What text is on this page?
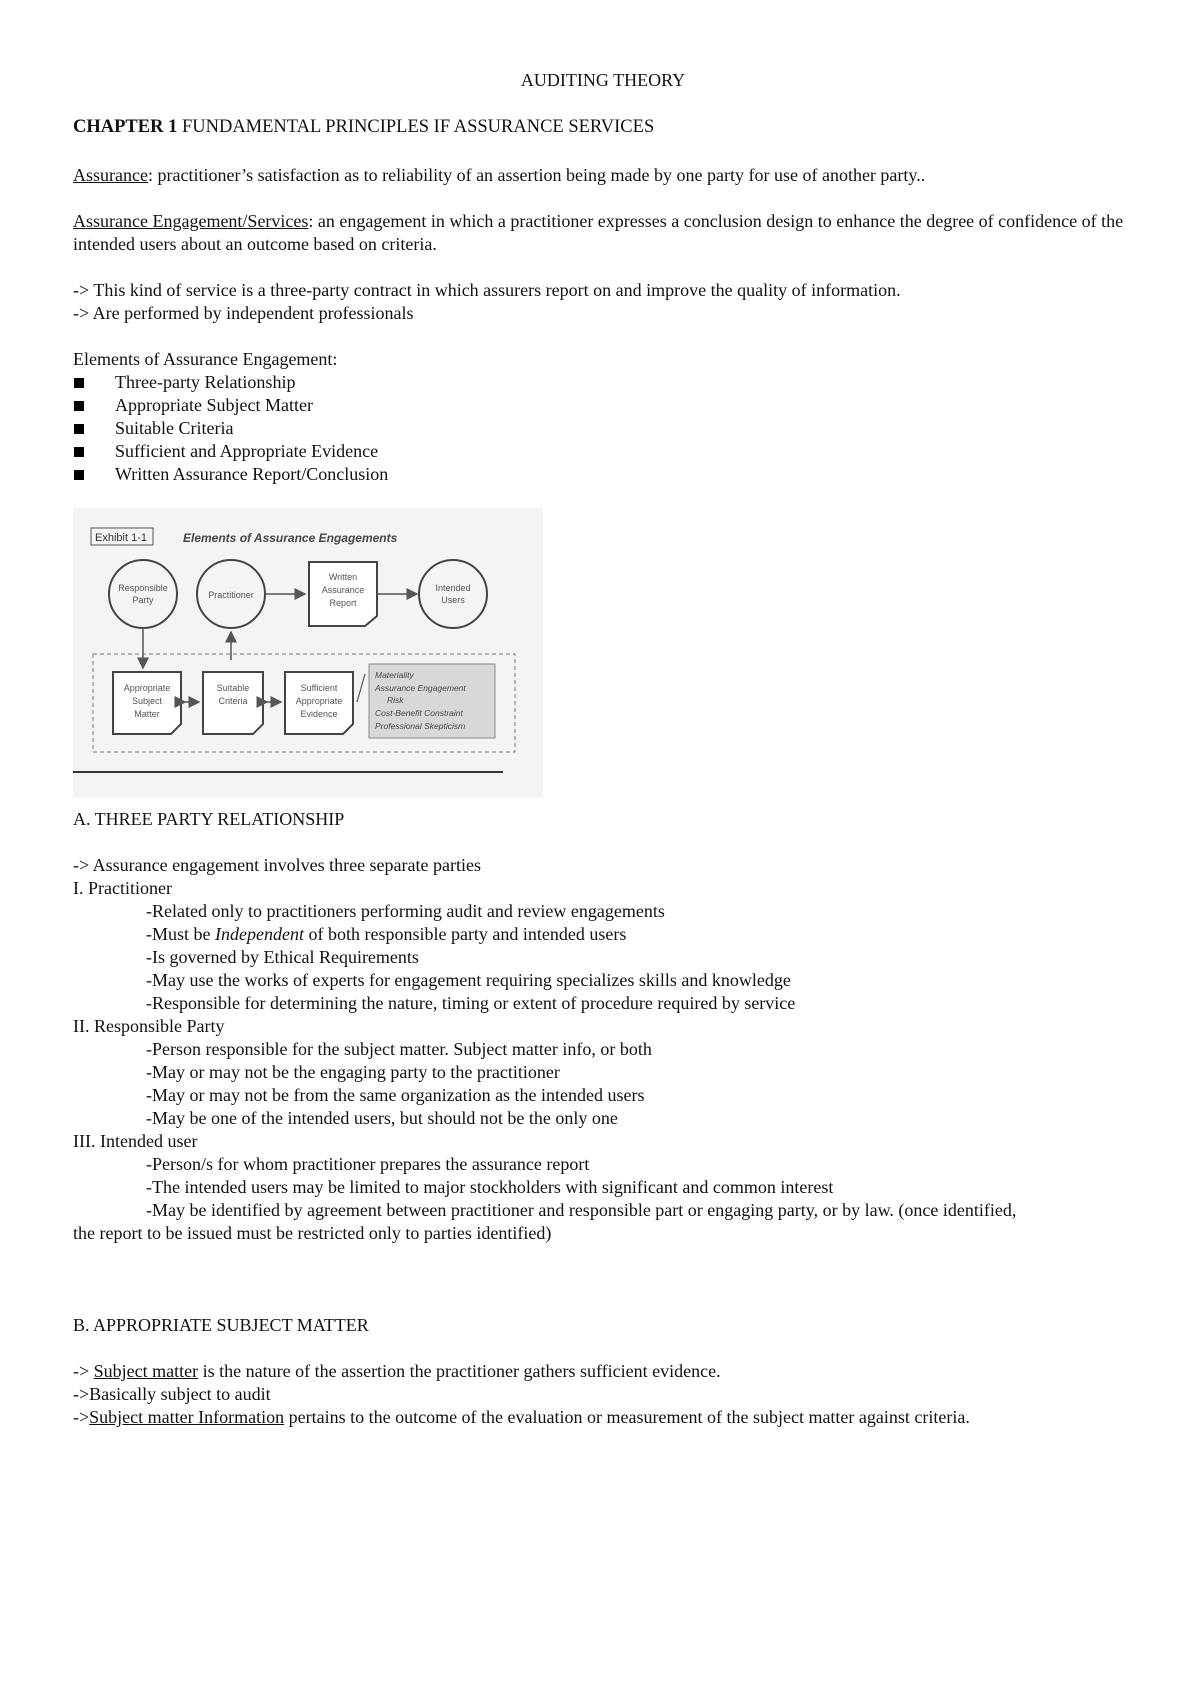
AUDITING THEORY
CHAPTER 1 FUNDAMENTAL PRINCIPLES IF ASSURANCE SERVICES

Assurance: practitioner’s satisfaction as to reliability of an assertion being made by one party for use of another party..

Assurance Engagement/Services: an engagement in which a practitioner expresses a conclusion design to enhance the degree of confidence of the intended users about an outcome based on criteria.

-> This kind of service is a three-party contract in which assurers report on and improve the quality of information.

-> Are performed by independent professionals

Elements of Assurance Engagement:

Three-party Relationship
Appropriate Subject Matter
Suitable Criteria
Sufficient and Appropriate Evidence
Written Assurance Report/Conclusion
Exhibit 1-1	Elements of Assurance Engagements
Responsible
Party	Practitioner
Written
Assurance
Report
Intended
Users
Appropriate
Subject
Matter
Suitable
Criteria
Sufficient
Appropriate
Evidence
Materiality
Assurance Engagement
Risk
Cost-Benefit Constraint
Professional Skepticism

A. THREE PARTY RELATIONSHIP

-> Assurance engagement involves three separate parties

I. Practitioner

-Related only to practitioners performing audit and review engagements

-Must be Independent of both responsible party and intended users

-Is governed by Ethical Requirements

-May use the works of experts for engagement requiring specializes skills and knowledge

-Responsible for determining the nature, timing or extent of procedure required by service

II. Responsible Party

-Person responsible for the subject matter. Subject matter info, or both

-May or may not be the engaging party to the practitioner

-May or may not be from the same organization as the intended users

-May be one of the intended users, but should not be the only one

III. Intended user

-Person/s for whom practitioner prepares the assurance report

-The intended users may be limited to major stockholders with significant and common interest

-May be identified by agreement between practitioner and responsible part or engaging party, or by law. (once identified,

the report to be issued must be restricted only to parties identified)

B. APPROPRIATE SUBJECT MATTER

-> Subject matter is the nature of the assertion the practitioner gathers sufficient evidence.

->Basically subject to audit

->Subject matter Information pertains to the outcome of the evaluation or measurement of the subject matter against criteria.
